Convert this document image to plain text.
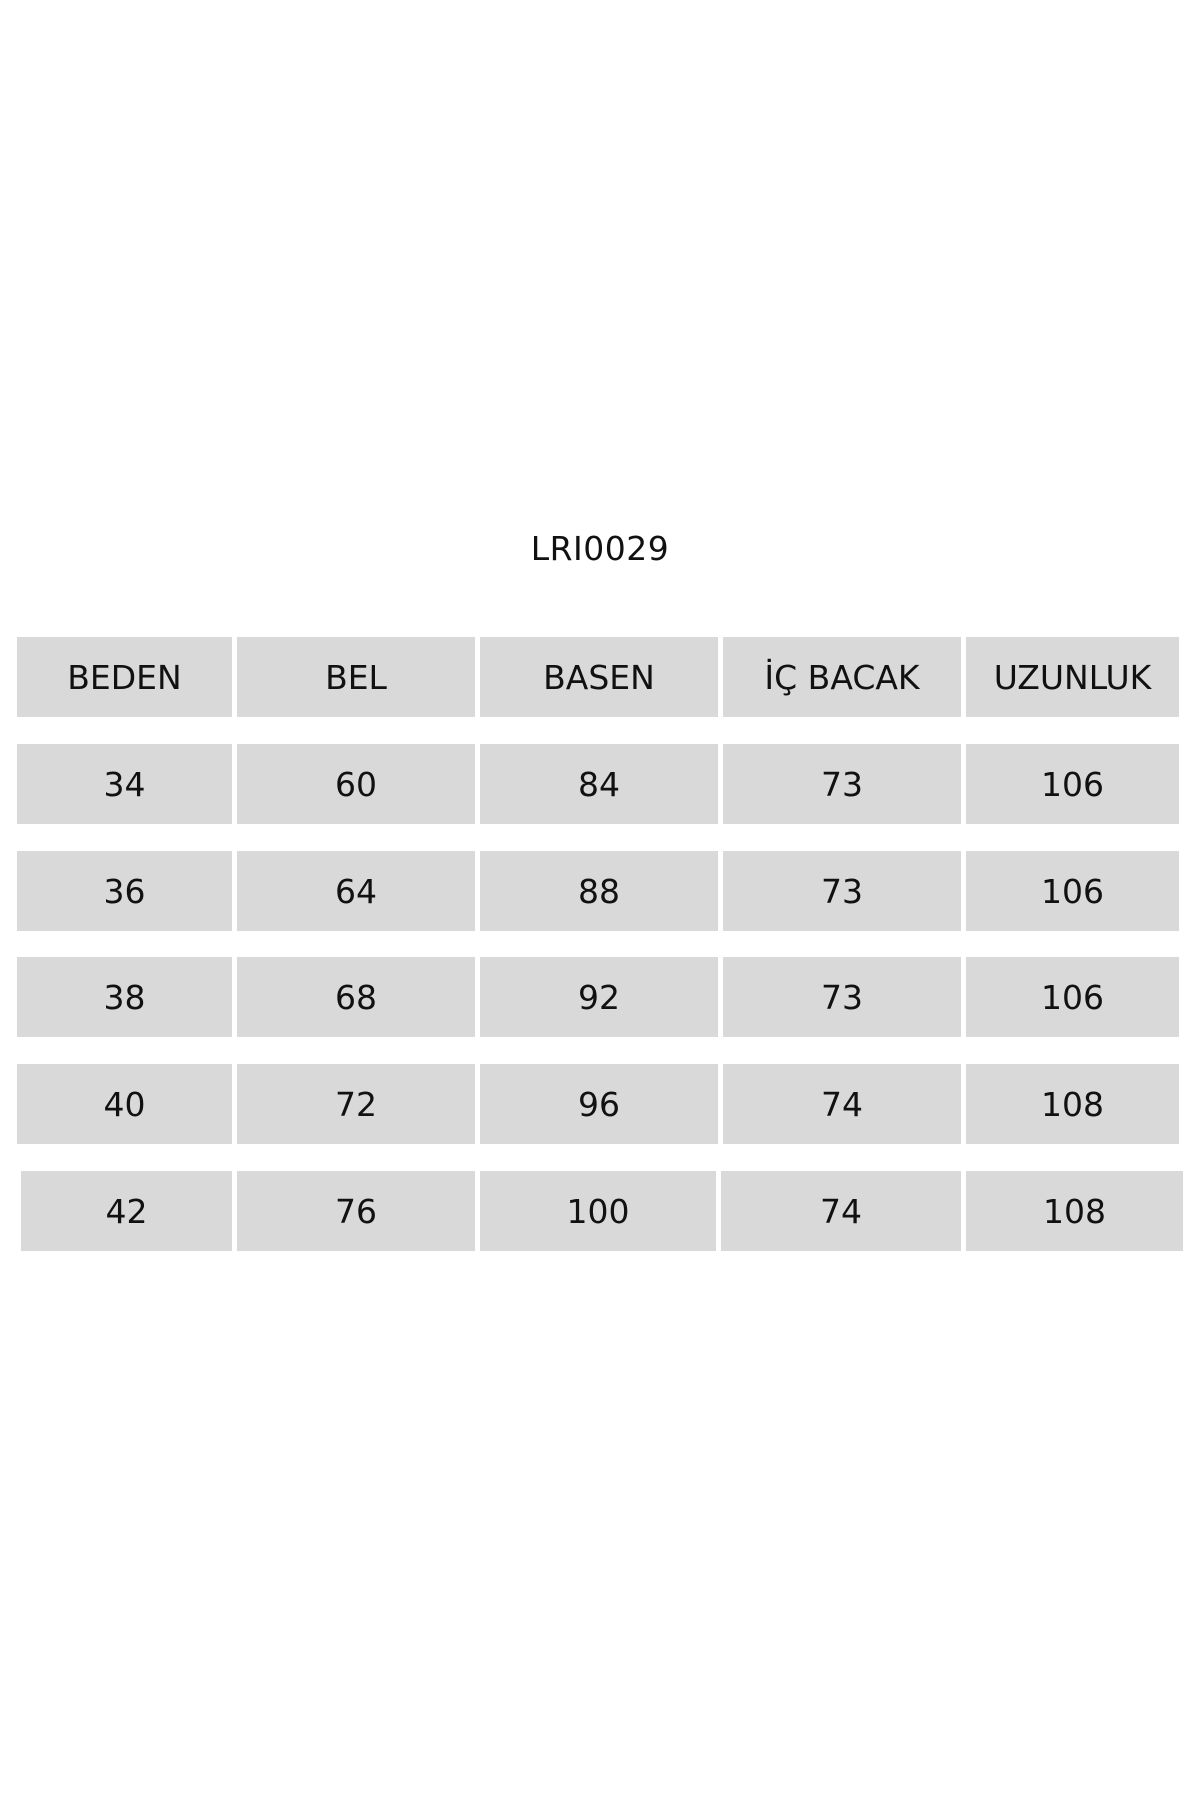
LRI0029
BEDEN	BEL	BASEN	İÇ BACAK	UZUNLUK
34	60	84	73	106
36	64	88	73	106
38	68	92	73	106
40	72	96	74	108
42	76	100	74	108
